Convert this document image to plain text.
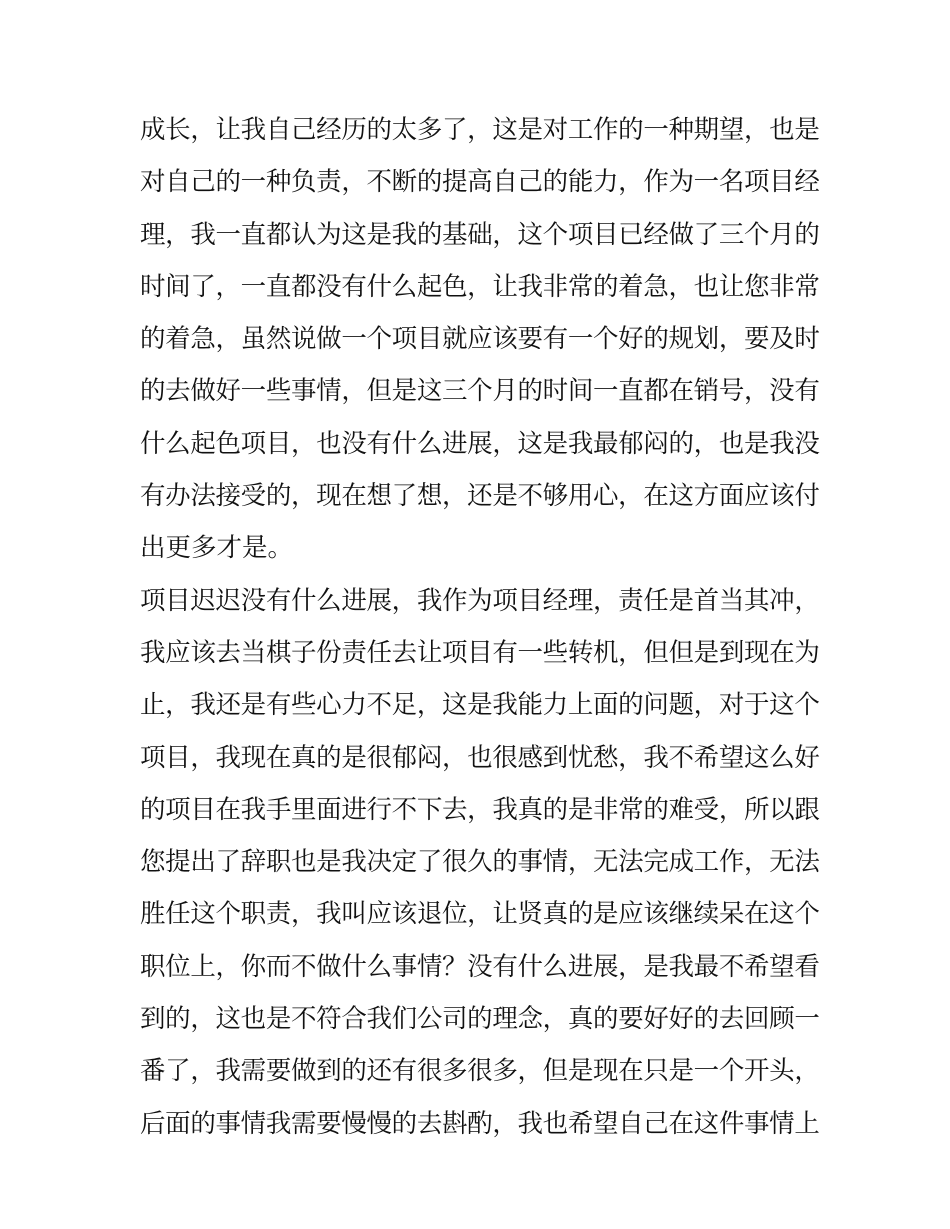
成长，让我自己经历的太多了，这是对工作的一种期望，也是
对自己的一种负责，不断的提高自己的能力，作为一名项目经
理，我一直都认为这是我的基础，这个项目已经做了三个月的
时间了，一直都没有什么起色，让我非常的着急，也让您非常
的着急，虽然说做一个项目就应该要有一个好的规划，要及时
的去做好一些事情，但是这三个月的时间一直都在销号，没有
什么起色项目，也没有什么进展，这是我最郁闷的，也是我没
有办法接受的，现在想了想，还是不够用心，在这方面应该付
出更多才是。
项目迟迟没有什么进展，我作为项目经理，责任是首当其冲，
我应该去当棋子份责任去让项目有一些转机，但但是到现在为
止，我还是有些心力不足，这是我能力上面的问题，对于这个
项目，我现在真的是很郁闷，也很感到忧愁，我不希望这么好
的项目在我手里面进行不下去，我真的是非常的难受，所以跟
您提出了辞职也是我决定了很久的事情，无法完成工作，无法
胜任这个职责，我叫应该退位，让贤真的是应该继续呆在这个
职位上，你而不做什么事情？没有什么进展，是我最不希望看
到的，这也是不符合我们公司的理念，真的要好好的去回顾一
番了，我需要做到的还有很多很多，但是现在只是一个开头，
后面的事情我需要慢慢的去斟酌，我也希望自己在这件事情上
